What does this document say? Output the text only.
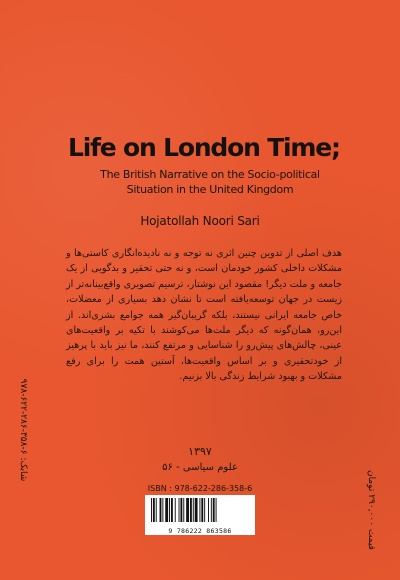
Life on London Time;
The British Narrative on the Socio-political
Situation in the United Kingdom
Hojatollah Noori Sari
هدف اصلی از تدوین چنین اثری نه توجه و نه نادیده‌انگاری کاستی‌ها و مشکلات داخلی کشور خودمان است، و نه حتی تحقیر و بدگویی از یک جامعه و ملت دیگر! مقصود این نوشتار، ترسیم تصویری واقع‌بینانه‌تر از زیست در جهان توسعه‌یافته است تا نشان دهد بسیاری از معضلات، خاص جامعه ایرانی نیستند، بلکه گریبان‌گیر همه جوامع بشری‌اند. از این‌رو، همان‌گونه که دیگر ملت‌ها می‌کوشند با تکیه بر واقعیت‌های عینی، چالش‌های پیش‌رو را شناسایی و مرتفع کنند، ما نیز باید با پرهیز از خودتحقیری و بر اساس واقعیت‌ها، آستین همت را برای رفع مشکلات و بهبود شرایط زندگی بالا بزنیم.
۱۳۹۷
علوم سیاسی - ۵۶
ISBN : 978-622-286-358-6
9 786222 863586
شابک: ۶-۳۵۸-۲۸۶-۶۲۲-۹۷۸
قیمت ۲۹۰,۰۰۰ تومان
